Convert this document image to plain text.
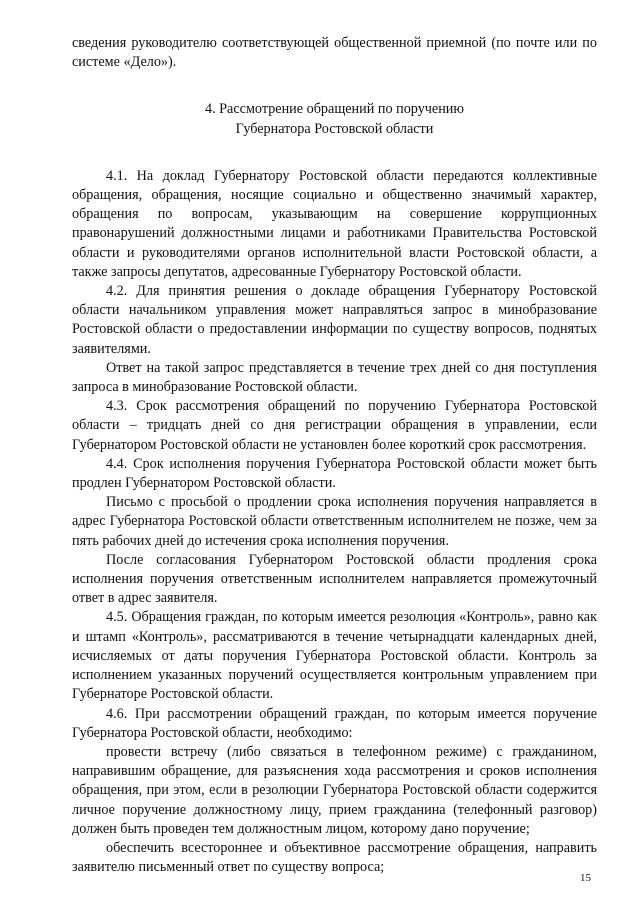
сведения руководителю соответствующей общественной приемной (по почте или по системе «Дело»).

4. Рассмотрение обращений по поручению
Губернатора Ростовской области

4.1. На доклад Губернатору Ростовской области передаются коллективные обращения, обращения, носящие социально и общественно значимый характер, обращения по вопросам, указывающим на совершение коррупционных правонарушений должностными лицами и работниками Правительства Ростовской области и руководителями органов исполнительной власти Ростовской области, а также запросы депутатов, адресованные Губернатору Ростовской области.

4.2. Для принятия решения о докладе обращения Губернатору Ростовской области начальником управления может направляться запрос в минобразование Ростовской области о предоставлении информации по существу вопросов, поднятых заявителями.

Ответ на такой запрос представляется в течение трех дней со дня поступления запроса в минобразование Ростовской области.

4.3. Срок рассмотрения обращений по поручению Губернатора Ростовской области – тридцать дней со дня регистрации обращения в управлении, если Губернатором Ростовской области не установлен более короткий срок рассмотрения.

4.4. Срок исполнения поручения Губернатора Ростовской области может быть продлен Губернатором Ростовской области.

Письмо с просьбой о продлении срока исполнения поручения направляется в адрес Губернатора Ростовской области ответственным исполнителем не позже, чем за пять рабочих дней до истечения срока исполнения поручения.

После согласования Губернатором Ростовской области продления срока исполнения поручения ответственным исполнителем направляется промежуточный ответ в адрес заявителя.

4.5. Обращения граждан, по которым имеется резолюция «Контроль», равно как и штамп «Контроль», рассматриваются в течение четырнадцати календарных дней, исчисляемых от даты поручения Губернатора Ростовской области. Контроль за исполнением указанных поручений осуществляется контрольным управлением при Губернаторе Ростовской области.

4.6. При рассмотрении обращений граждан, по которым имеется поручение Губернатора Ростовской области, необходимо:

провести встречу (либо связаться в телефонном режиме) с гражданином, направившим обращение, для разъяснения хода рассмотрения и сроков исполнения обращения, при этом, если в резолюции Губернатора Ростовской области содержится личное поручение должностному лицу, прием гражданина (телефонный разговор) должен быть проведен тем должностным лицом, которому дано поручение;

обеспечить всестороннее и объективное рассмотрение обращения, направить заявителю письменный ответ по существу вопроса;

15
